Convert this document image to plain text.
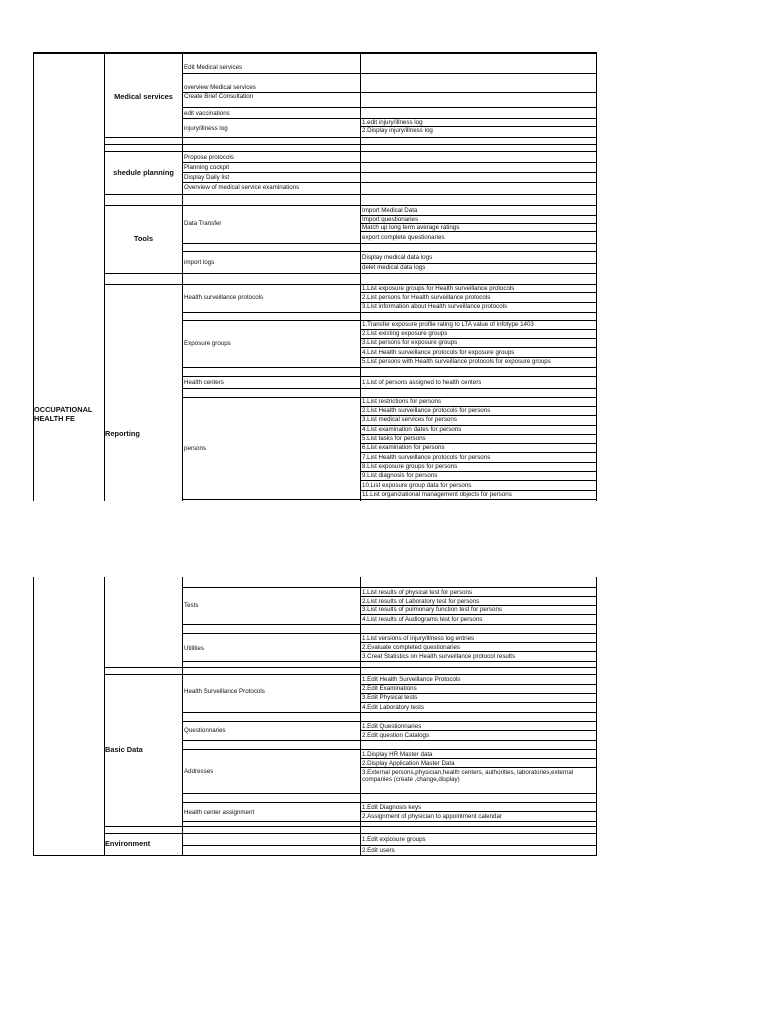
Medical services
Edit Medical services
overview Medical services
Create Brief Consultation
edit vaccinations
injury/illness log
1.edit injury/illness log
2.Display injury/illness log
shedule planning
Propose protocols
Planning cockpit
Display Daily list
Overview of medical service examinations
Tools
Data Transfer
Import Medical Data
Import questionaries
Match up long term average ratings
export complete questionaries
import logs
Display medical data logs
delet medical data logs
OCCUPATIONAL HEALTH FE
Reporting
Health surveillance protocols
1.List exposure groups for Health surveillance protocols
2.List persons for Health surveillance protocols
3.List information about Health surveillance protocols
Exposure groups
1.Transfer exposure profile rating to LTA value of infotype 1403
2.List existing exposure groups
3.List persons for exposure groups
4.List Health surveillance protocols for exposure groups
5.List persons with Health surveillance protocols for exposure groups
Health centers	1.List of persons assigned to health centers
persons
1.List restrictions for persons
2.List Health surveillance protocols for persons
3.List medical services for persons
4.List examination dates for persons
5.List tasks for persons
6.List examination for persons
7.List Health surveillance protocols for persons
8.List exposure groups for persons
9.List diagnosis for persons
10.List exposure group data for persons
11.List organizational management objects for persons
Tests
1.List results of physical test for persons
2.List results of Laboratory test for persons
3.List results of pulmonary function test for persons
4.List results of Audiograms test for persons
Utilities
1.List versions of injury/illness log entries
2.Evaluate completed questionaries
3.Creat Statistics on Health surveillance protocol results
Basic Data
Health Surveillance Protocols
1.Edit Health Surveillance Protocols
2.Edit Examinations
3.Edit Physical tests
4.Edit Laboratory tests
Questionnaries
1.Edit Questionnaries
2.Edit question Catalogs
Addresses
1.Display HR Master data
2.Display Application Master Data
3.External persons,physician,health centers, authorities, laboratories,external companies (create ,change,display)
Health center assignment
1.Edit Diagnosis keys
2.Assignment of physician to appointment calendar
Environment	1.Edit exposure groups
2.Edit users
